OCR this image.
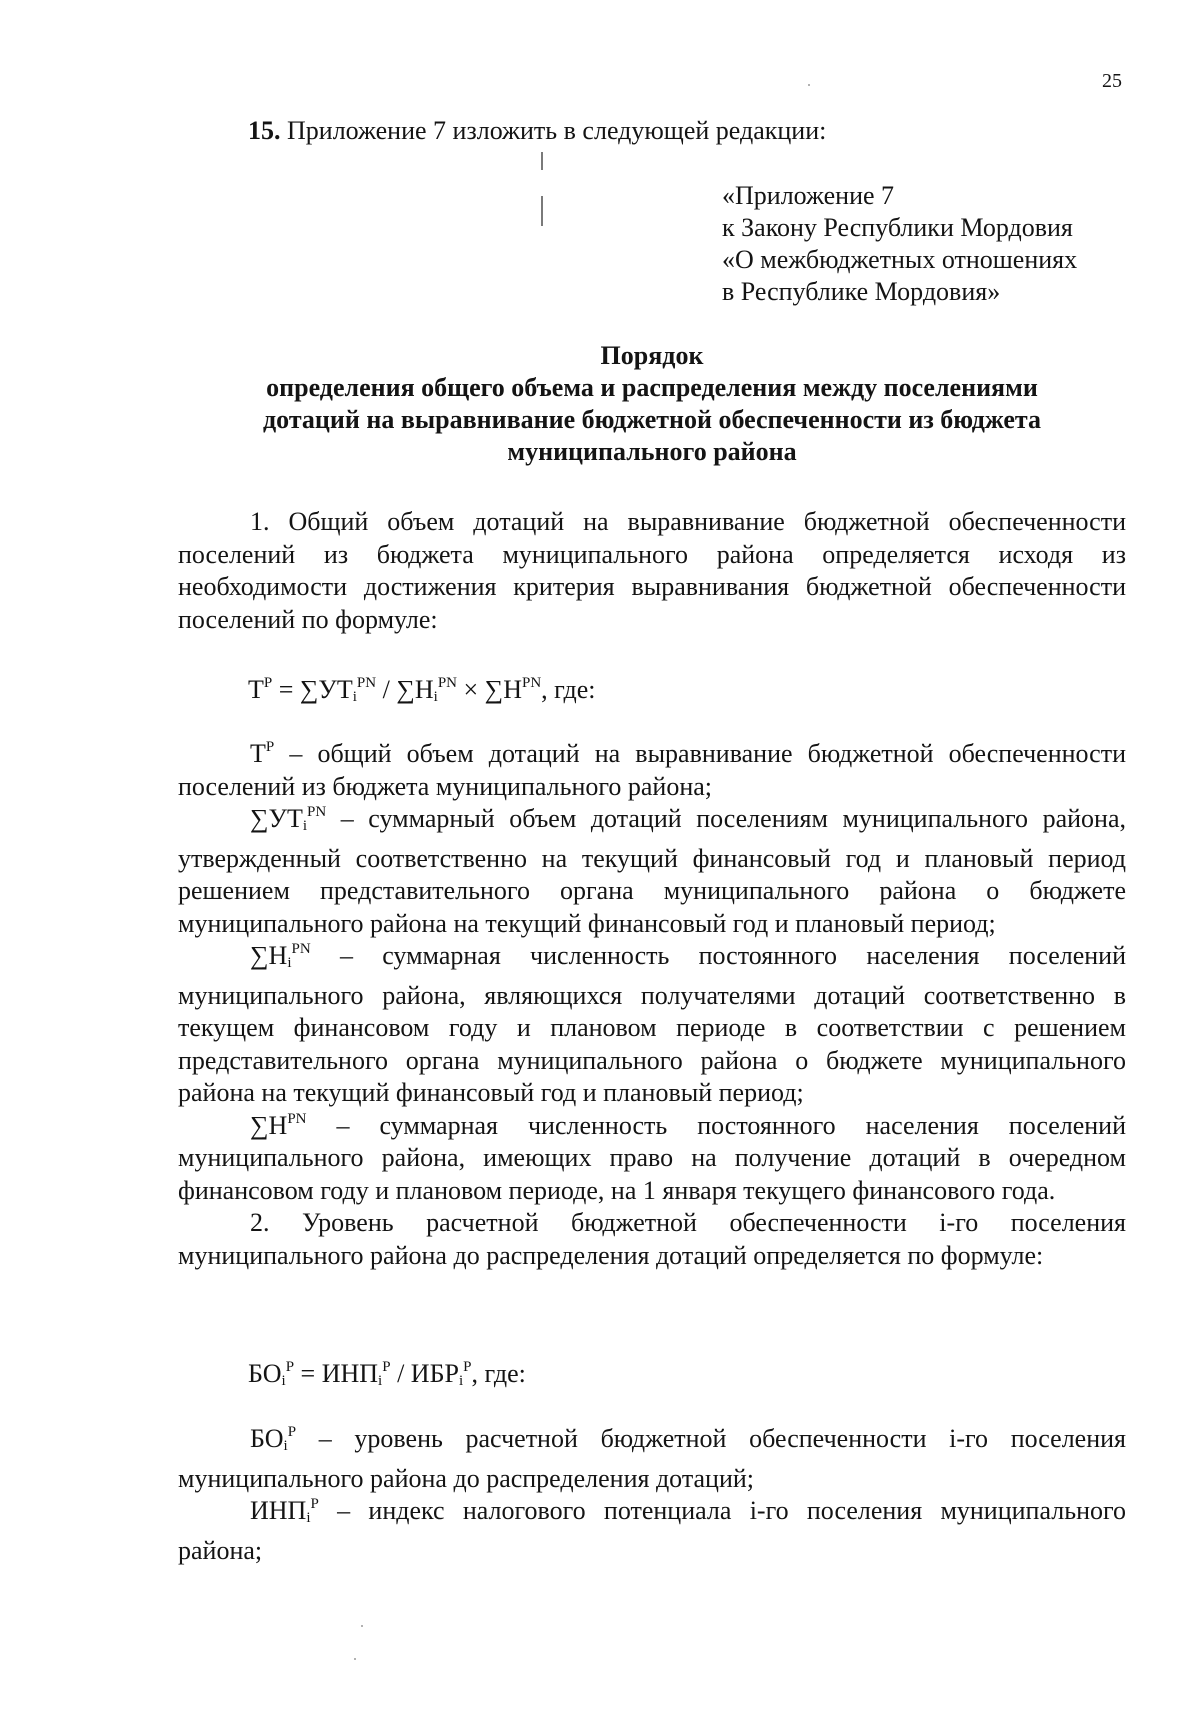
25
15. Приложение 7 изложить в следующей редакции:
«Приложение 7
к Закону Республики Мордовия
«О межбюджетных отношениях
в Республике Мордовия»
Порядок
определения общего объема и распределения между поселениями
дотаций на выравнивание бюджетной обеспеченности из бюджета
муниципального района

1. Общий объем дотаций на выравнивание бюджетной обеспеченности поселений из бюджета муниципального района определяется исходя из необходимости достижения критерия выравнивания бюджетной обеспеченности поселений по формуле:

$T^P = \sum УТi^{PN} / \sum Нi^{PN} \times \sum Н^{PN}$, где:

$T^P$ – общий объем дотаций на выравнивание бюджетной обеспеченности поселений из бюджета муниципального района;

∑УТi$^{PN}$ – суммарный объем дотаций поселениям муниципального района, утвержденный соответственно на текущий финансовый год и плановый период решением представительного органа муниципального района о бюджете муниципального района на текущий финансовый год и плановый период;

$\sum Нi^{PN}$ – суммарная численность постоянного населения поселений муниципального района, являющихся получателями дотаций соответственно в текущем финансовом году и плановом периоде в соответствии с решением представительного органа муниципального района о бюджете муниципального района на текущий финансовый год и плановый период;

$\sum Н^{PN}$ – суммарная численность постоянного населения поселений муниципального района, имеющих право на получение дотаций в очередном финансовом году и плановом периоде, на 1 января текущего финансового года.

2. Уровень расчетной бюджетной обеспеченности i-го поселения муниципального района до распределения дотаций определяется по формуле:

БОi$^P$ = ИНПi$^P$ / ИБРi$^P$, где:

БОi$^P$ – уровень расчетной бюджетной обеспеченности i-го поселения муниципального района до распределения дотаций;

ИНПi$^P$ – индекс налогового потенциала i-го поселения муниципального района;
